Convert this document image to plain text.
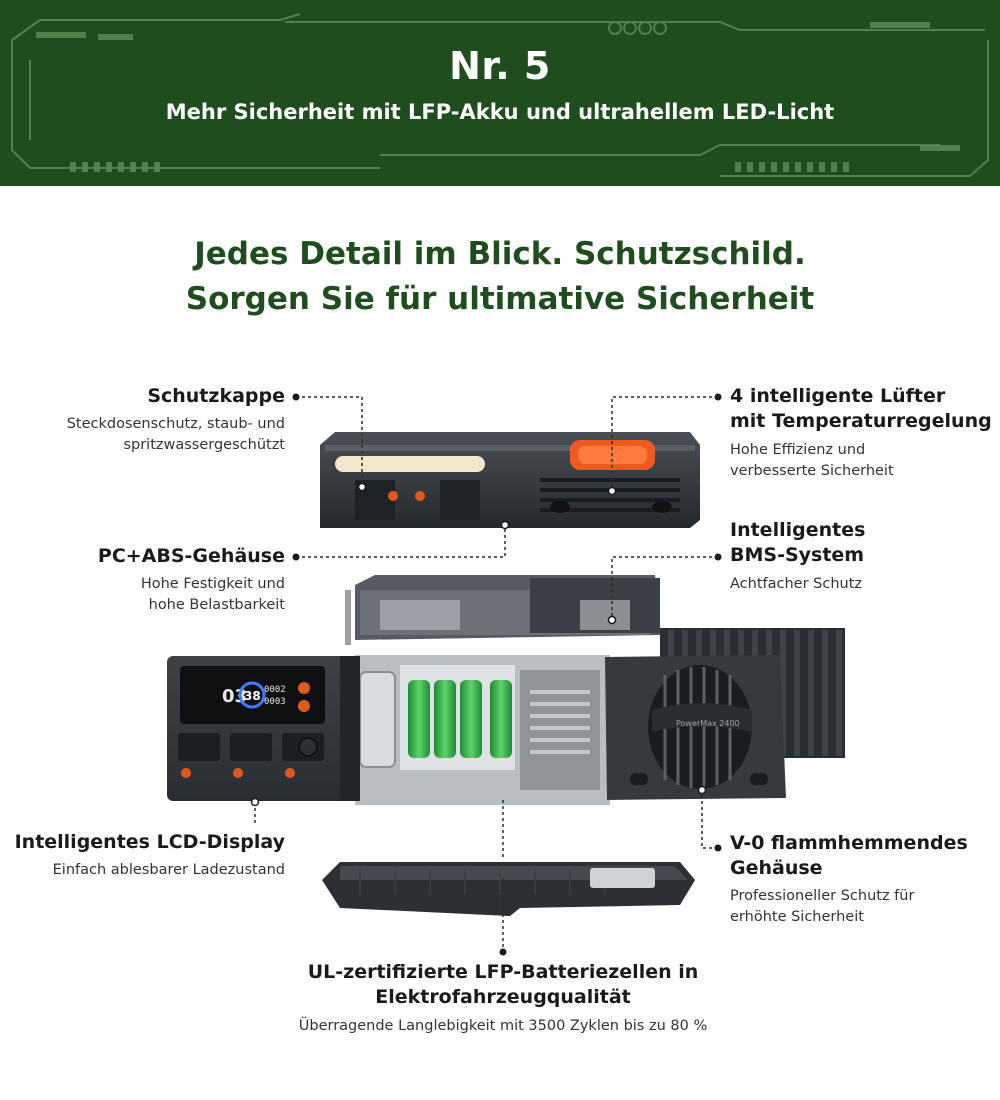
Nr. 5
Mehr Sicherheit mit LFP-Akku und ultrahellem LED-Licht
Jedes Detail im Blick. Schutzschild.
Sorgen Sie für ultimative Sicherheit
03
38 0002
0003
PowerMax 2400
Schutzkappe
Steckdosenschutz, staub- und
spritzwassergeschützt
PC+ABS-Gehäuse
Hohe Festigkeit und
hohe Belastbarkeit
Intelligentes LCD-Display
Einfach ablesbarer Ladezustand
4 intelligente Lüfter
mit Temperaturregelung
Hohe Effizienz und
verbesserte Sicherheit
Intelligentes
BMS-System
Achtfacher Schutz
V-0 flammhemmendes
Gehäuse
Professioneller Schutz für
erhöhte Sicherheit
UL-zertifizierte LFP-Batteriezellen in
Elektrofahrzeugqualität
Überragende Langlebigkeit mit 3500 Zyklen bis zu 80 %
